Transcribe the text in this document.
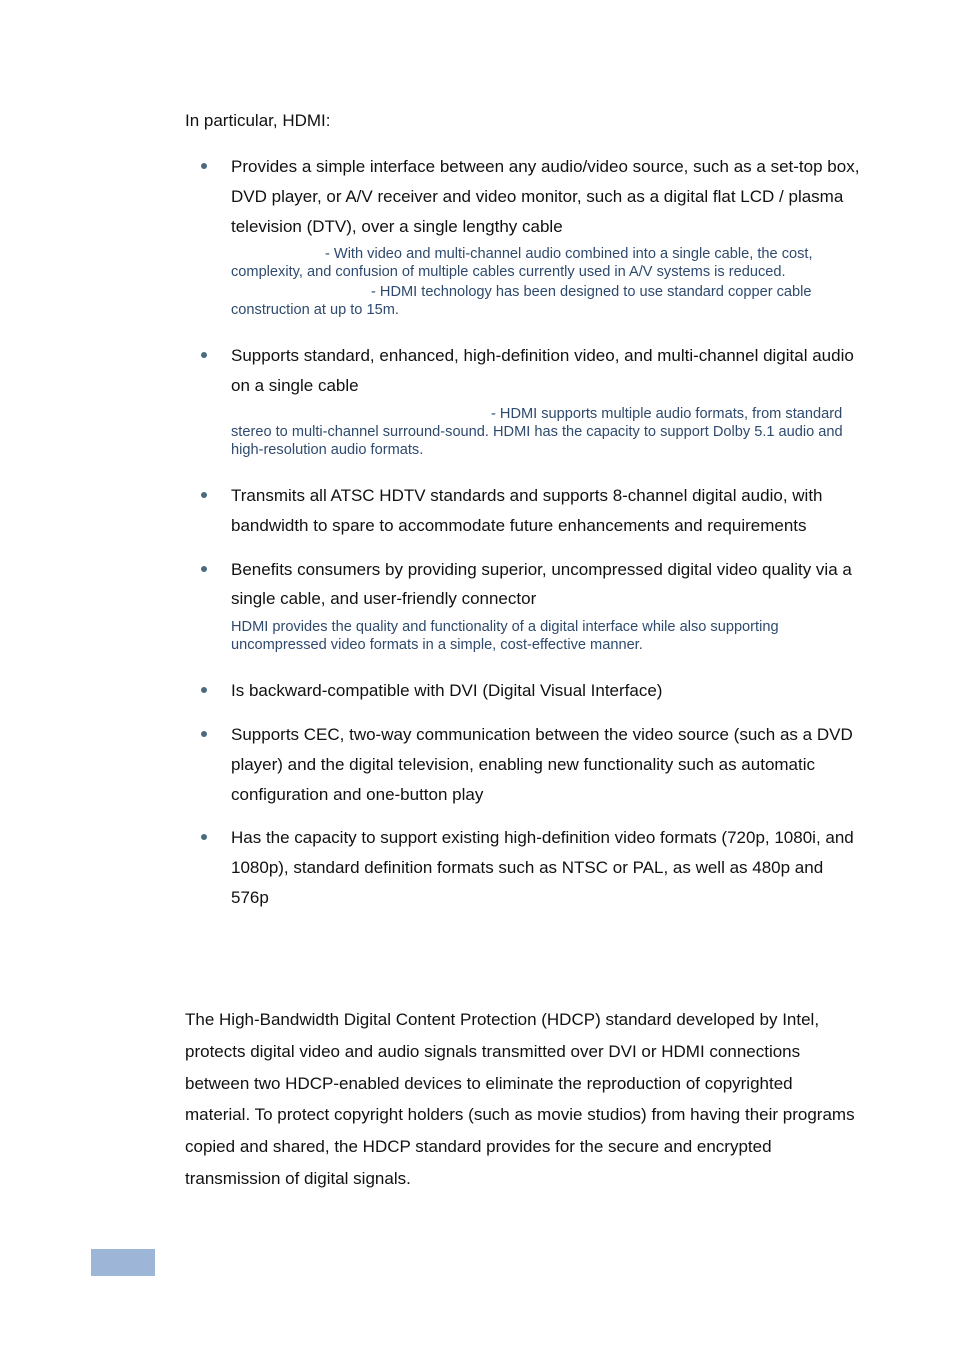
In particular, HDMI:

Provides a simple interface between any audio/video source, such as a set-top box, DVD player, or A/V receiver and video monitor, such as a digital flat LCD / plasma television (DTV), over a single lengthy cable

- With video and multi-channel audio combined into a single cable, the cost, complexity, and confusion of multiple cables currently used in A/V systems is reduced.

- HDMI technology has been designed to use standard copper cable construction at up to 15m.

Supports standard, enhanced, high-definition video, and multi-channel digital audio on a single cable

- HDMI supports multiple audio formats, from standard stereo to multi-channel surround-sound. HDMI has the capacity to support Dolby 5.1 audio and high-resolution audio formats.

Transmits all ATSC HDTV standards and supports 8-channel digital audio, with bandwidth to spare to accommodate future enhancements and requirements

Benefits consumers by providing superior, uncompressed digital video quality via a single cable, and user-friendly connector

HDMI provides the quality and functionality of a digital interface while also supporting uncompressed video formats in a simple, cost-effective manner.

Is backward-compatible with DVI (Digital Visual Interface)

Supports CEC, two-way communication between the video source (such as a DVD player) and the digital television, enabling new functionality such as automatic configuration and one-button play

Has the capacity to support existing high-definition video formats (720p, 1080i, and 1080p), standard definition formats such as NTSC or PAL, as well as 480p and 576p

The High-Bandwidth Digital Content Protection (HDCP) standard developed by Intel, protects digital video and audio signals transmitted over DVI or HDMI connections between two HDCP-enabled devices to eliminate the reproduction of copyrighted material. To protect copyright holders (such as movie studios) from having their programs copied and shared, the HDCP standard provides for the secure and encrypted transmission of digital signals.
